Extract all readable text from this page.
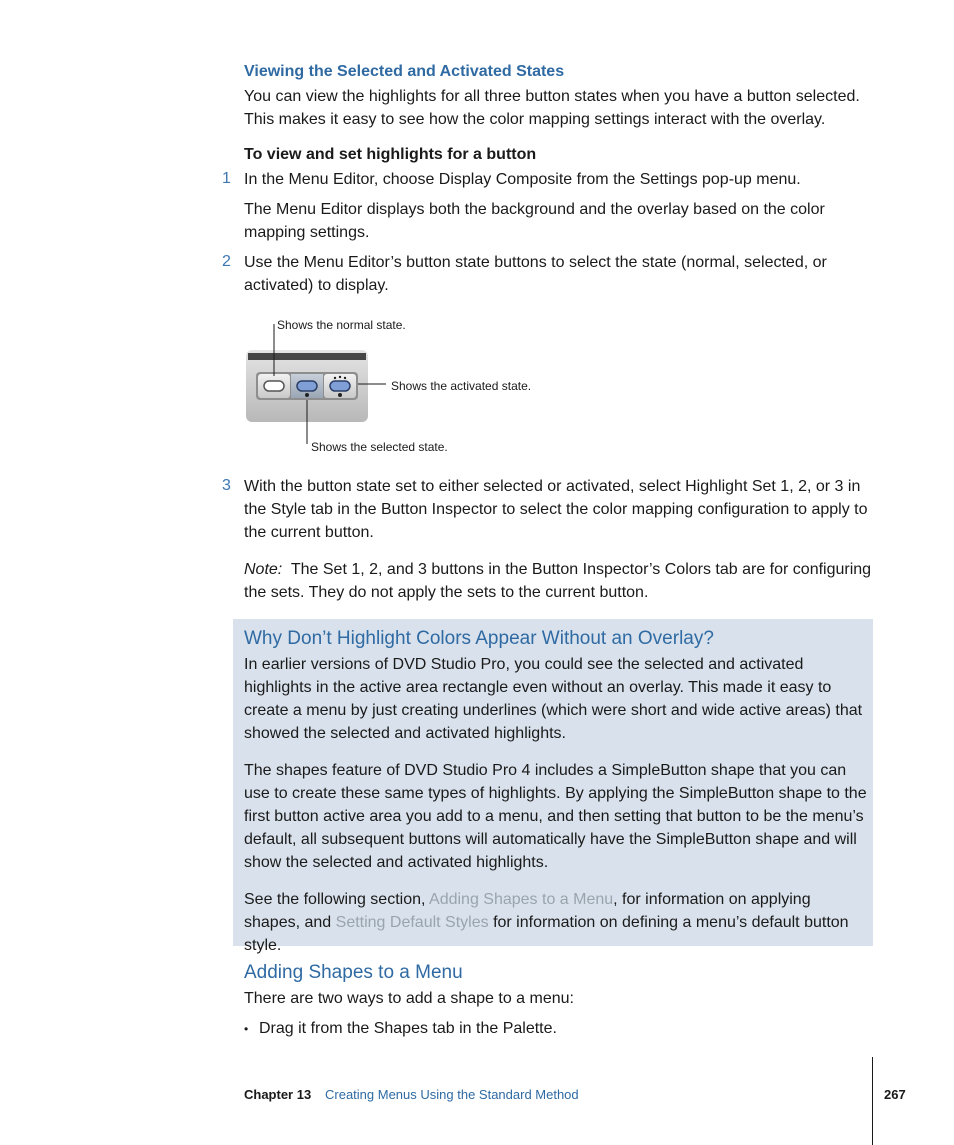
Viewing the Selected and Activated States
You can view the highlights for all three button states when you have a button selected. This makes it easy to see how the color mapping settings interact with the overlay.
To view and set highlights for a button
1 In the Menu Editor, choose Display Composite from the Settings pop-up menu.
The Menu Editor displays both the background and the overlay based on the color mapping settings.
2 Use the Menu Editor’s button state buttons to select the state (normal, selected, or activated) to display.
Shows the normal state.
Shows the activated state.
Shows the selected state.
3 With the button state set to either selected or activated, select Highlight Set 1, 2, or 3 in the Style tab in the Button Inspector to select the color mapping configuration to apply to the current button.
Note: The Set 1, 2, and 3 buttons in the Button Inspector’s Colors tab are for configuring the sets. They do not apply the sets to the current button.
Why Don’t Highlight Colors Appear Without an Overlay?
In earlier versions of DVD Studio Pro, you could see the selected and activated highlights in the active area rectangle even without an overlay. This made it easy to create a menu by just creating underlines (which were short and wide active areas) that showed the selected and activated highlights.
The shapes feature of DVD Studio Pro 4 includes a SimpleButton shape that you can use to create these same types of highlights. By applying the SimpleButton shape to the first button active area you add to a menu, and then setting that button to be the menu’s default, all subsequent buttons will automatically have the SimpleButton shape and will show the selected and activated highlights.
See the following section, Adding Shapes to a Menu, for information on applying shapes, and Setting Default Styles for information on defining a menu’s default button style.
Adding Shapes to a Menu
There are two ways to add a shape to a menu:
• Drag it from the Shapes tab in the Palette.
Chapter 13 Creating Menus Using the Standard Method	267
